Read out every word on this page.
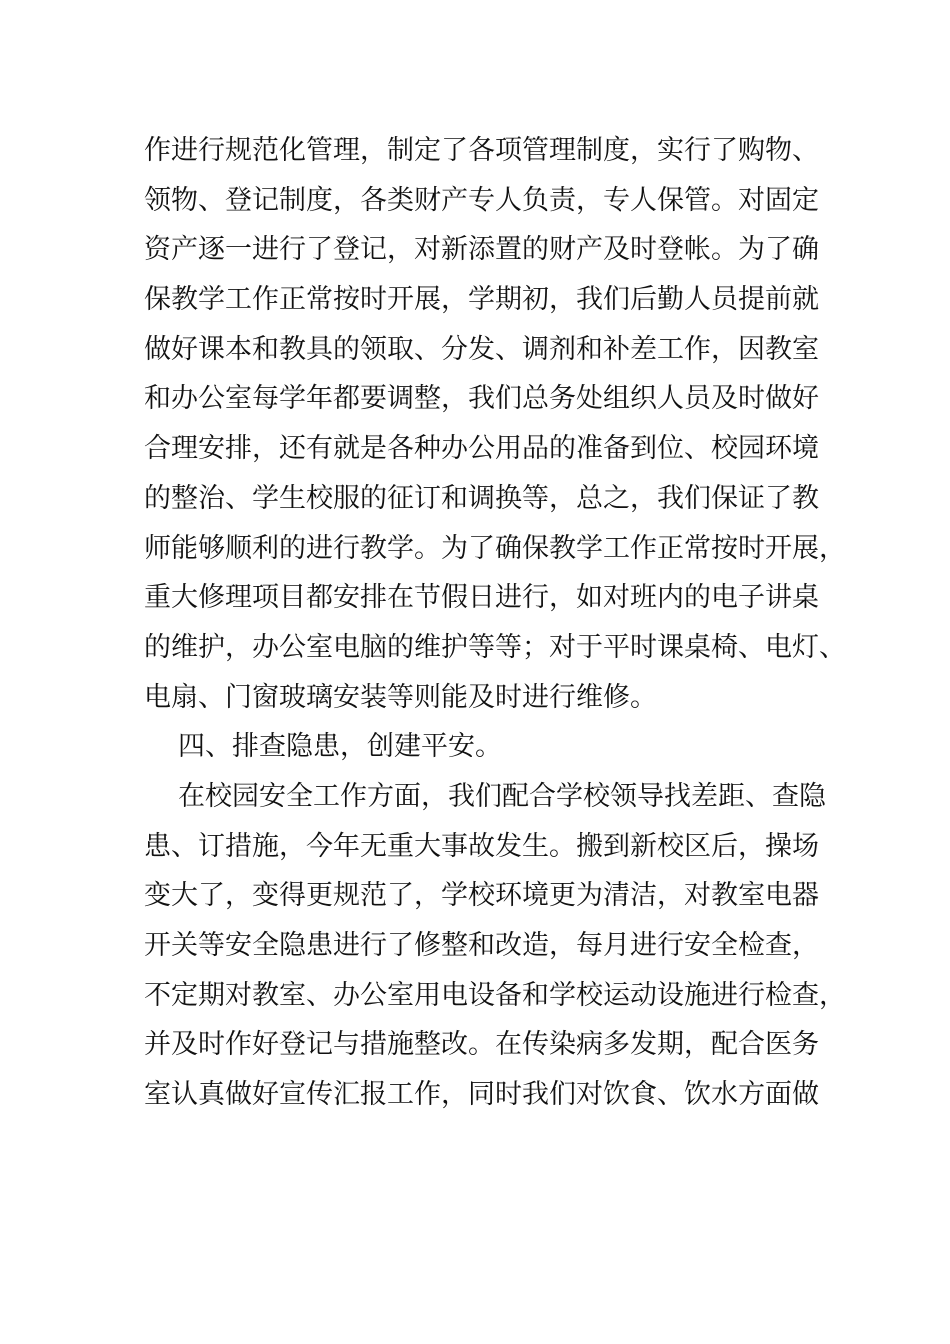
作进行规范化管理，制定了各项管理制度，实行了购物、
领物、登记制度，各类财产专人负责，专人保管。对固定
资产逐一进行了登记，对新添置的财产及时登帐。为了确
保教学工作正常按时开展，学期初，我们后勤人员提前就
做好课本和教具的领取、分发、调剂和补差工作，因教室
和办公室每学年都要调整，我们总务处组织人员及时做好
合理安排，还有就是各种办公用品的准备到位、校园环境
的整治、学生校服的征订和调换等，总之，我们保证了教
师能够顺利的进行教学。为了确保教学工作正常按时开展，
重大修理项目都安排在节假日进行，如对班内的电子讲桌
的维护，办公室电脑的维护等等；对于平时课桌椅、电灯、
电扇、门窗玻璃安装等则能及时进行维修。
四、排查隐患，创建平安。
在校园安全工作方面，我们配合学校领导找差距、查隐
患、订措施，今年无重大事故发生。搬到新校区后，操场
变大了，变得更规范了，学校环境更为清洁，对教室电器
开关等安全隐患进行了修整和改造，每月进行安全检查，
不定期对教室、办公室用电设备和学校运动设施进行检查，
并及时作好登记与措施整改。在传染病多发期，配合医务
室认真做好宣传汇报工作，同时我们对饮食、饮水方面做
